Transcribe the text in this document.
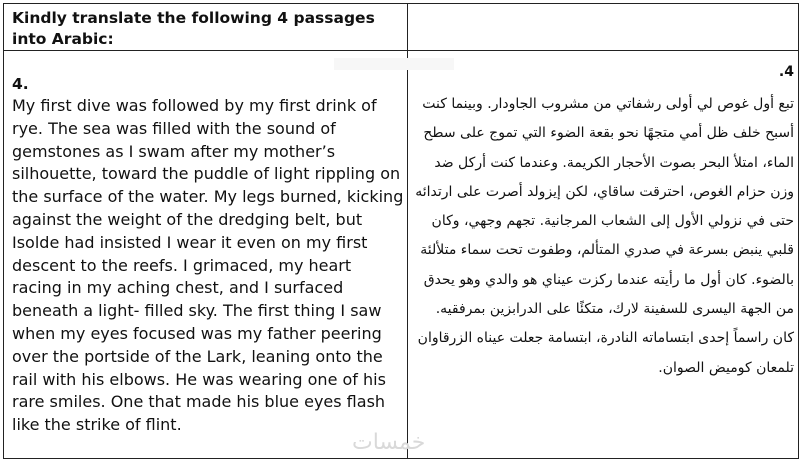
Kindly translate the following 4 passages into Arabic:
4.

My first dive was followed by my first drink of rye. The sea was filled with the sound of gemstones as I swam after my mother’s silhouette, toward the puddle of light rippling on the surface of the water. My legs burned, kicking against the weight of the dredging belt, but Isolde had insisted I wear it even on my first descent to the reefs. I grimaced, my heart racing in my aching chest, and I surfaced beneath a light- filled sky. The first thing I saw when my eyes focused was my father peering over the portside of the Lark, leaning onto the rail with his elbows. He was wearing one of his rare smiles. One that made his blue eyes flash like the strike of flint.

4.

تبع أول غوص لي أولى رشفاتي من مشروب الجاودار. وبينما كنت أسبح خلف ظل أمي متجهًا نحو بقعة الضوء التي تموج على سطح الماء، امتلأ البحر بصوت الأحجار الكريمة. وعندما كنت أركل ضد وزن حزام الغوص، احترقت ساقاي، لكن إيزولد أصرت على ارتدائه حتى في نزولي الأول إلى الشعاب المرجانية. تجهم وجهي، وكان قلبي ينبض بسرعة في صدري المتألم، وطفوت تحت سماء متلألئة بالضوء. كان أول ما رأيته عندما ركزت عيناي هو والدي وهو يحدق من الجهة اليسرى للسفينة لارك، متكئًا على الدرابزين بمرفقيه. كان راسماً إحدى ابتساماته النادرة، ابتسامة جعلت عيناه الزرقاوان تلمعان كوميض الصوان.

خمسات
